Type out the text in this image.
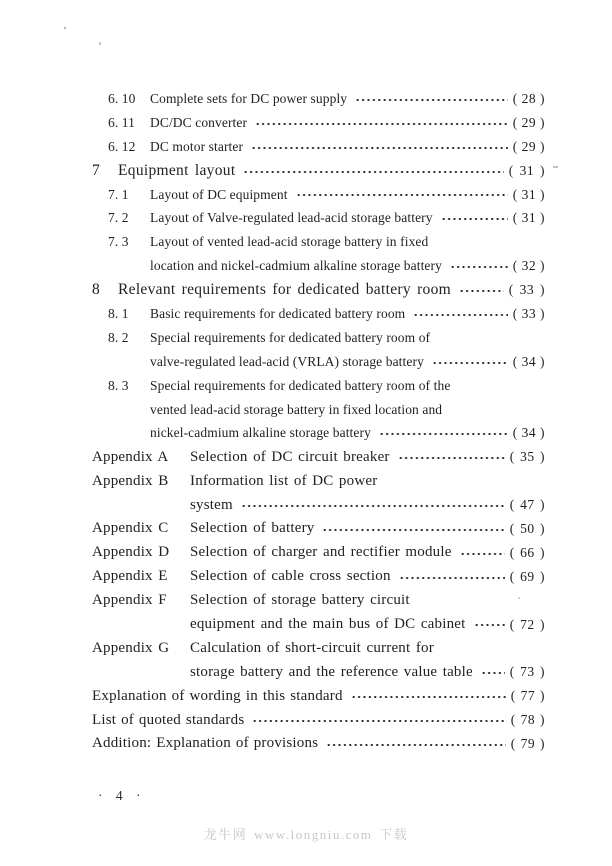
6. 10	Complete sets for DC power supply	( 28 )
6. 11	DC/DC converter	( 29 )
6. 12	DC motor starter	( 29 )
7	Equipment layout	( 31 )
7. 1	Layout of DC equipment	( 31 )
7. 2	Layout of Valve-regulated lead-acid storage battery	( 31 )
7. 3	Layout of vented lead-acid storage battery in fixed
location and nickel-cadmium alkaline storage battery	( 32 )
8	Relevant requirements for dedicated battery room	( 33 )
8. 1	Basic requirements for dedicated battery room	( 33 )
8. 2	Special requirements for dedicated battery room of
valve-regulated lead-acid (VRLA) storage battery	( 34 )
8. 3	Special requirements for dedicated battery room of the
vented lead-acid storage battery in fixed location and
nickel-cadmium alkaline storage battery	( 34 )
Appendix A	Selection of DC circuit breaker	( 35 )
Appendix B	Information list of DC power
system	( 47 )
Appendix C	Selection of battery	( 50 )
Appendix D	Selection of charger and rectifier module	( 66 )
Appendix E	Selection of cable cross section	( 69 )
Appendix F	Selection of storage battery circuit
equipment and the main bus of DC cabinet	( 72 )
Appendix G	Calculation of short-circuit current for
storage battery and the reference value table	( 73 )
Explanation of wording in this standard	( 77 )
List of quoted standards	( 78 )
Addition: Explanation of provisions	( 79 )
· 4 ·
龙牛网 www.longniu.com 下载
